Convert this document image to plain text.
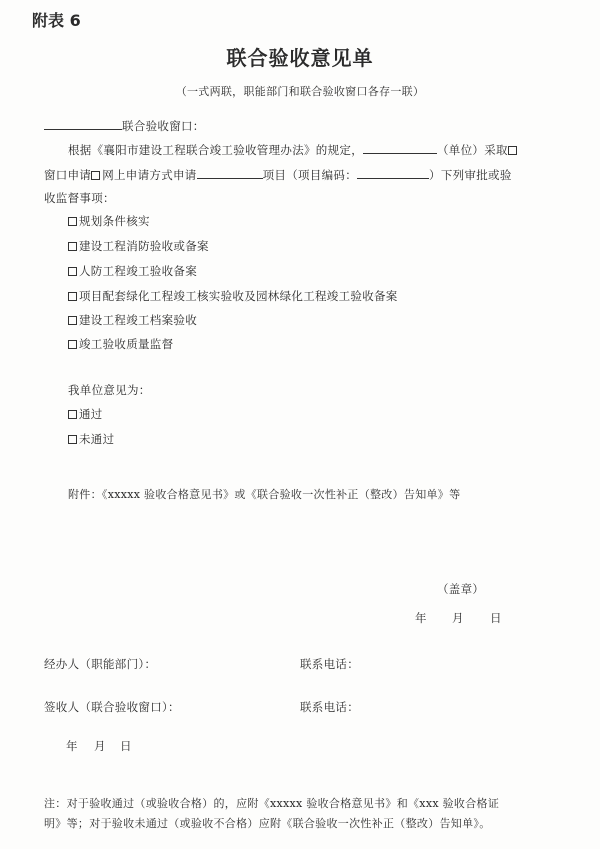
附表 6
联合验收意见单
（一式两联，职能部门和联合验收窗口各存一联）
联合验收窗口：
根据《襄阳市建设工程联合竣工验收管理办法》的规定，	（单位）采取
窗口申请 网上申请方式申请	项目（项目编码：	）下列审批或验
收监督事项：
规划条件核实
建设工程消防验收或备案
人防工程竣工验收备案
项目配套绿化工程竣工核实验收及园林绿化工程竣工验收备案
建设工程竣工档案验收
竣工验收质量监督
我单位意见为：
通过
未通过
附件：《xxxxx 验收合格意见书》或《联合验收一次性补正（整改）告知单》等
（盖章）
年 月 日
经办人（职能部门）：	联系电话：
签收人（联合验收窗口）：	联系电话：
年 月 日
注：对于验收通过（或验收合格）的，应附《xxxxx 验收合格意见书》和《xxx 验收合格证
明》等；对于验收未通过（或验收不合格）应附《联合验收一次性补正（整改）告知单》。
